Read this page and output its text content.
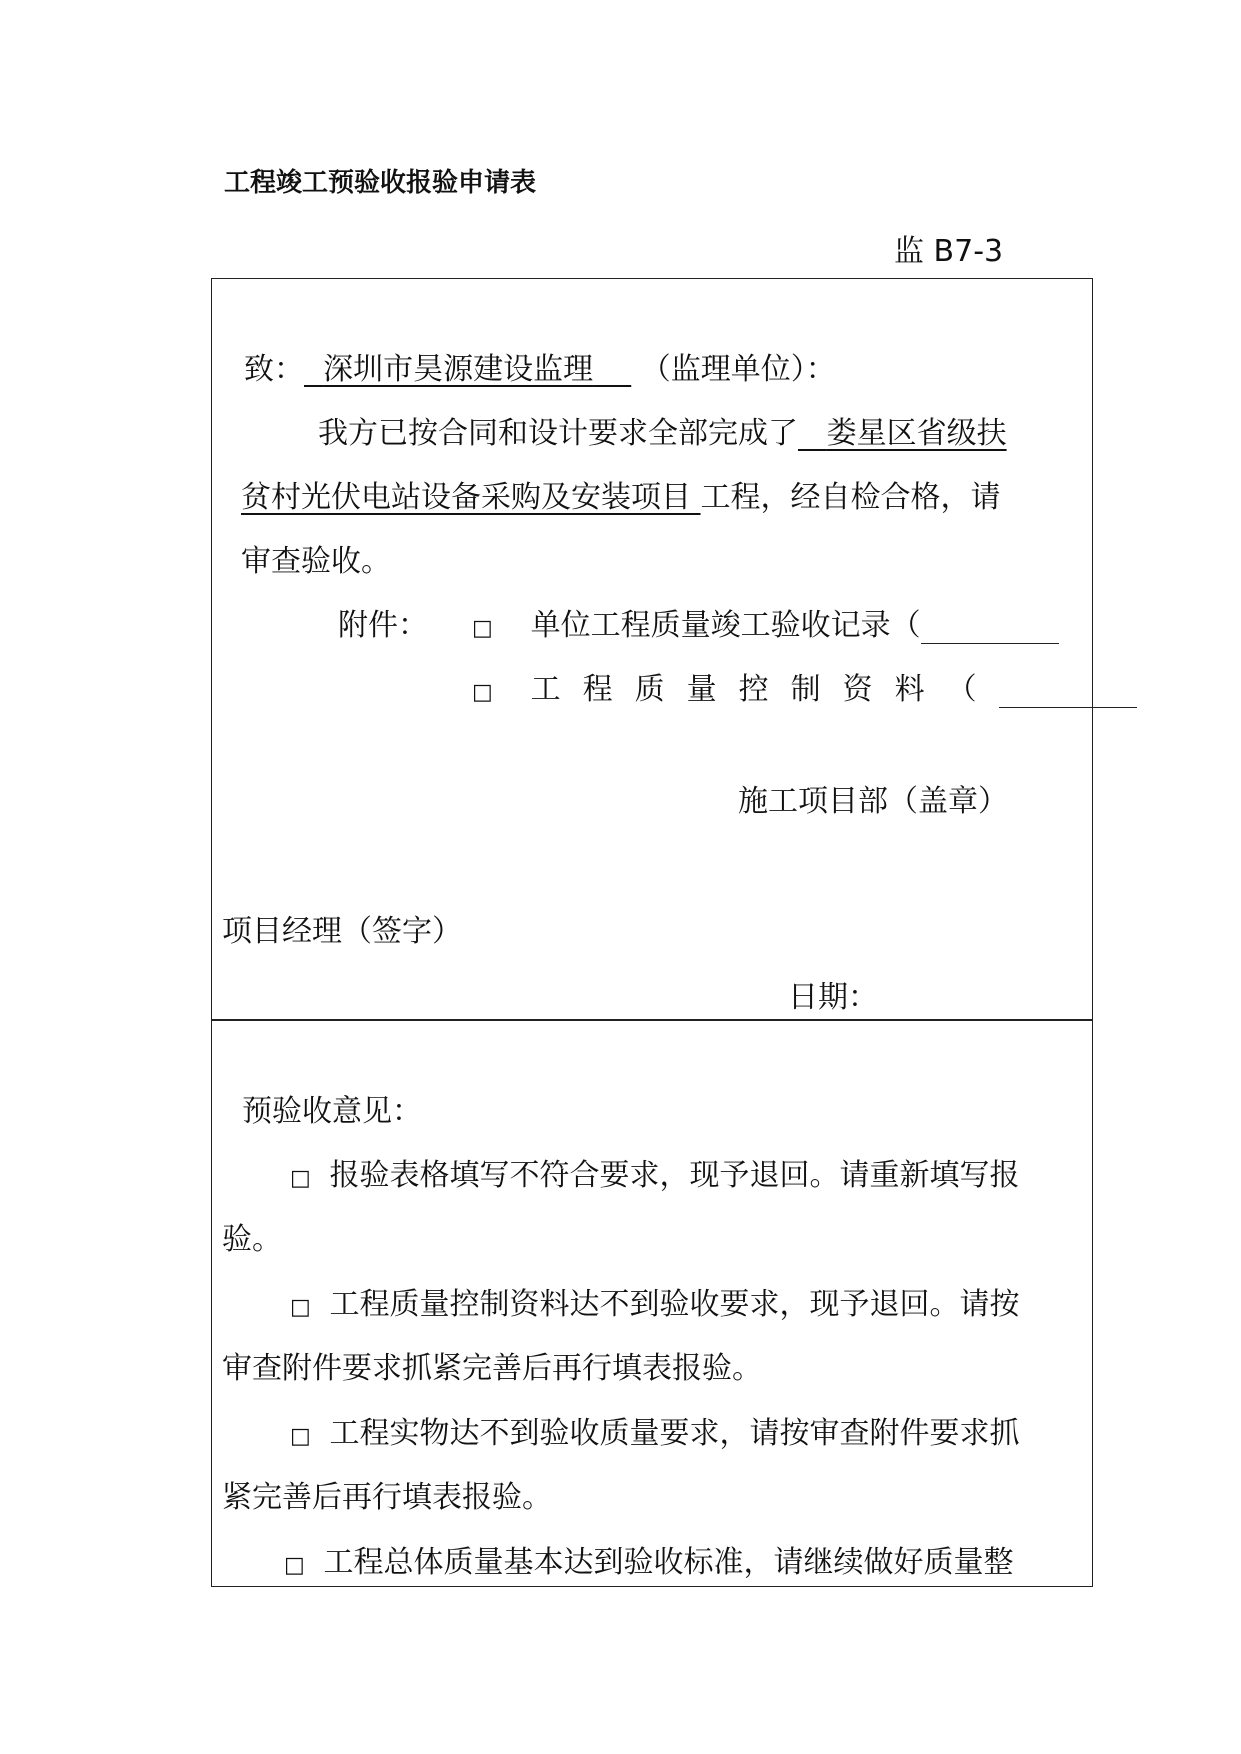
工程竣工预验收报验申请表
监 B7-3
致： 深圳市昊源建设监理 （监理单位）：
我方已按合同和设计要求全部完成了 娄星区省级扶
贫村光伏电站设备采购及安装项目 工程，经自检合格，请
审查验收。
附件： □ 单位工程质量竣工验收记录（
□ 工程质量控制资料（
施工项目部（盖章）
项目经理（签字）
日期：
预验收意见：
□ 报验表格填写不符合要求，现予退回。请重新填写报
验。
□ 工程质量控制资料达不到验收要求，现予退回。请按
审查附件要求抓紧完善后再行填表报验。
□ 工程实物达不到验收质量要求，请按审查附件要求抓
紧完善后再行填表报验。
□ 工程总体质量基本达到验收标准，请继续做好质量整
